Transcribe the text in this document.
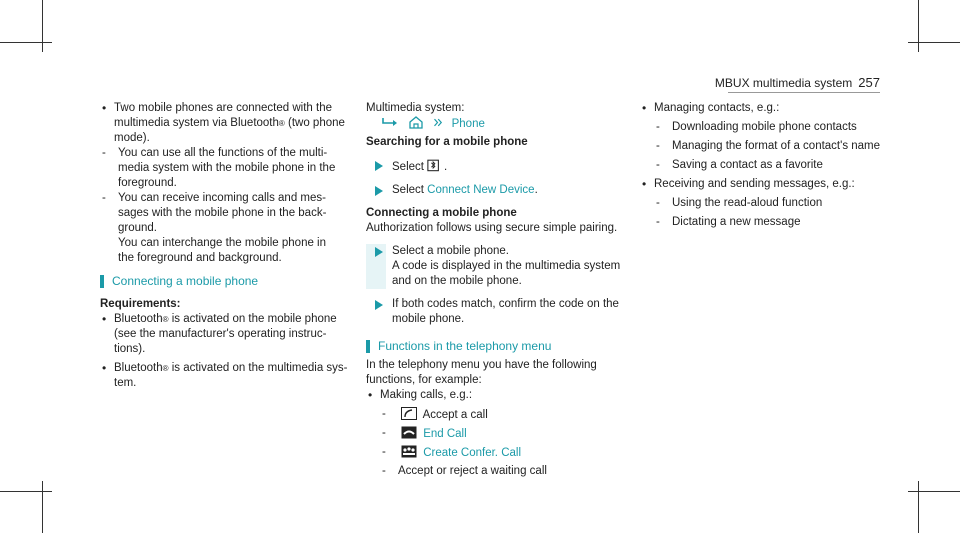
MBUX multimedia system 257
• Two mobile phones are connected with the
multimedia system via Bluetooth® (two phone
mode).
- You can use all the functions of the multi-
media system with the mobile phone in the
foreground.
- You can receive incoming calls and mes-
sages with the mobile phone in the back-
ground.
You can interchange the mobile phone in
the foreground and background.
Connecting a mobile phone
Requirements:
• Bluetooth® is activated on the mobile phone
(see the manufacturer's operating instruc-
tions).
• Bluetooth® is activated on the multimedia sys-
tem.
Multimedia system:
Phone
Searching for a mobile phone
Select .
Select Connect New Device.
Connecting a mobile phone
Authorization follows using secure simple pairing.
Select a mobile phone.
A code is displayed in the multimedia system
and on the mobile phone.
If both codes match, confirm the code on the
mobile phone.
Functions in the telephony menu
In the telephony menu you have the following
functions, for example:
• Making calls, e.g.:
-	Accept a call
-	End Call
-	Create Confer. Call
- Accept or reject a waiting call
• Managing contacts, e.g.:
- Downloading mobile phone contacts
- Managing the format of a contact's name
- Saving a contact as a favorite
• Receiving and sending messages, e.g.:
- Using the read-aloud function
- Dictating a new message
